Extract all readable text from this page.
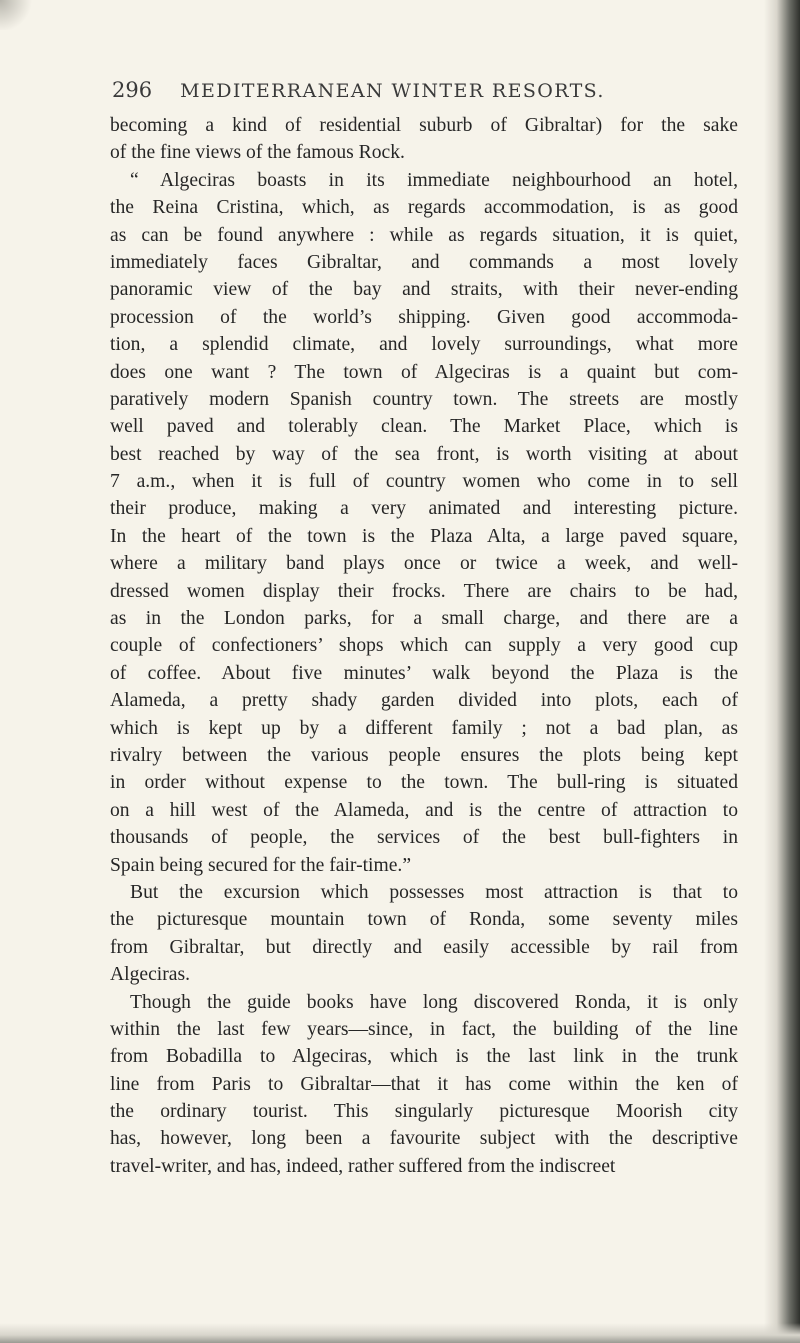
296 MEDITERRANEAN WINTER RESORTS.
becoming a kind of residential suburb of Gibraltar) for the sake
of the fine views of the famous Rock.
“ Algeciras boasts in its immediate neighbourhood an hotel,
the Reina Cristina, which, as regards accommodation, is as good
as can be found anywhere : while as regards situation, it is quiet,
immediately faces Gibraltar, and commands a most lovely
panoramic view of the bay and straits, with their never-ending
procession of the world’s shipping. Given good accommoda-
tion, a splendid climate, and lovely surroundings, what more
does one want ? The town of Algeciras is a quaint but com-
paratively modern Spanish country town. The streets are mostly
well paved and tolerably clean. The Market Place, which is
best reached by way of the sea front, is worth visiting at about
7 a.m., when it is full of country women who come in to sell
their produce, making a very animated and interesting picture.
In the heart of the town is the Plaza Alta, a large paved square,
where a military band plays once or twice a week, and well-
dressed women display their frocks. There are chairs to be had,
as in the London parks, for a small charge, and there are a
couple of confectioners’ shops which can supply a very good cup
of coffee. About five minutes’ walk beyond the Plaza is the
Alameda, a pretty shady garden divided into plots, each of
which is kept up by a different family ; not a bad plan, as
rivalry between the various people ensures the plots being kept
in order without expense to the town. The bull-ring is situated
on a hill west of the Alameda, and is the centre of attraction to
thousands of people, the services of the best bull-fighters in
Spain being secured for the fair-time.”
But the excursion which possesses most attraction is that to
the picturesque mountain town of Ronda, some seventy miles
from Gibraltar, but directly and easily accessible by rail from
Algeciras.
Though the guide books have long discovered Ronda, it is only
within the last few years—since, in fact, the building of the line
from Bobadilla to Algeciras, which is the last link in the trunk
line from Paris to Gibraltar—that it has come within the ken of
the ordinary tourist. This singularly picturesque Moorish city
has, however, long been a favourite subject with the descriptive
travel-writer, and has, indeed, rather suffered from the indiscreet
